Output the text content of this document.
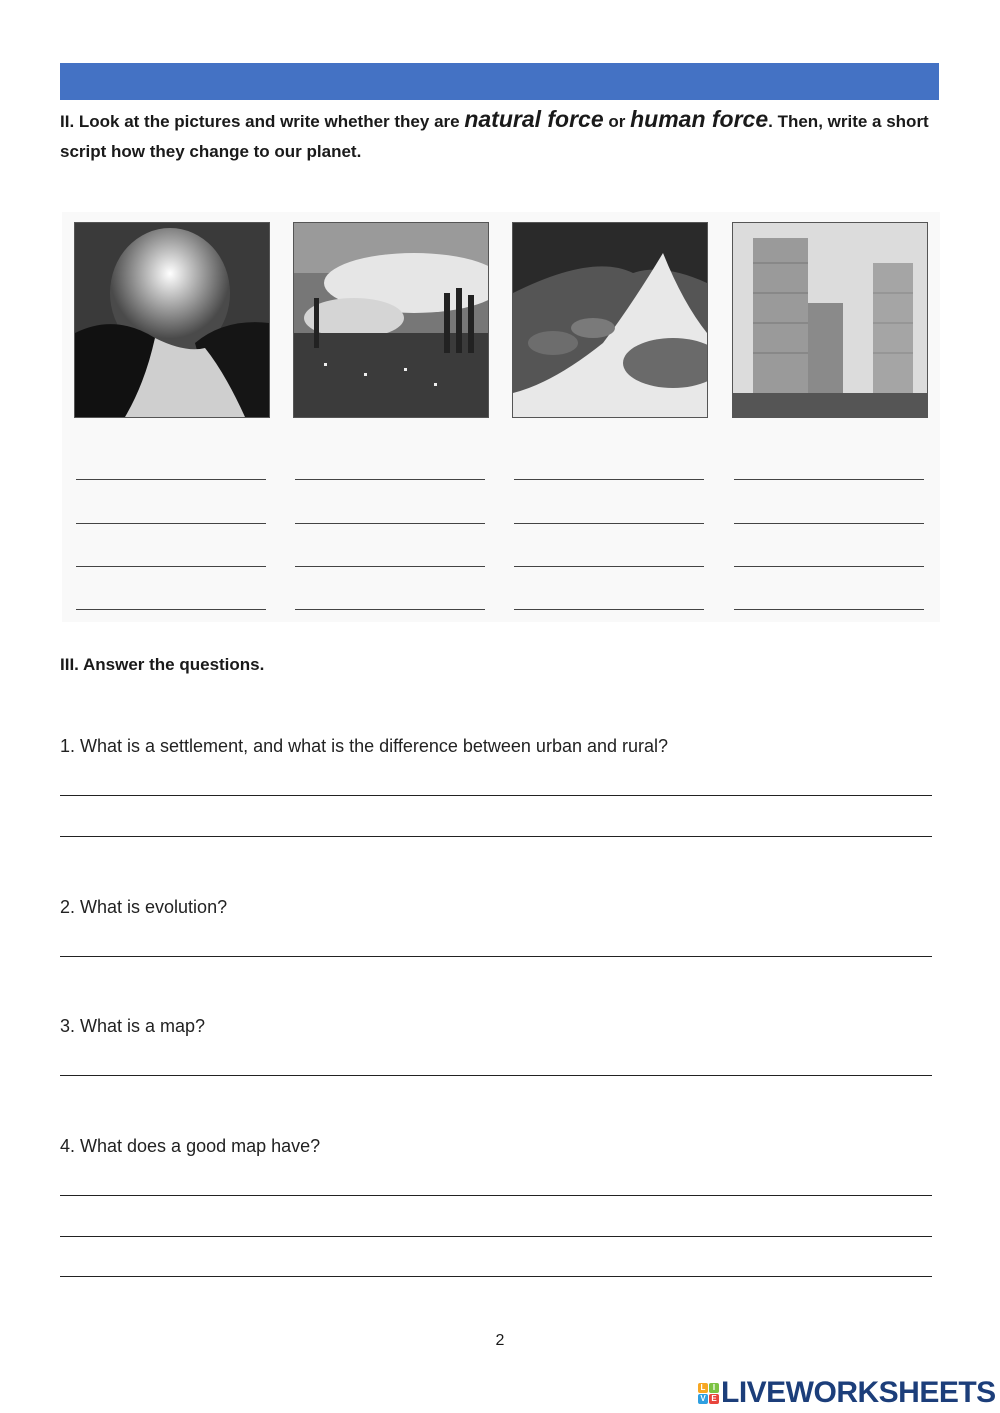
II. Look at the pictures and write whether they are natural force or human force. Then, write a short script how they change to our planet.
III. Answer the questions.
1. What is a settlement, and what is the difference between urban and rural?
2. What is evolution?
3. What is a map?
4. What does a good map have?
2
L I
V E LIVEWORKSHEETS
